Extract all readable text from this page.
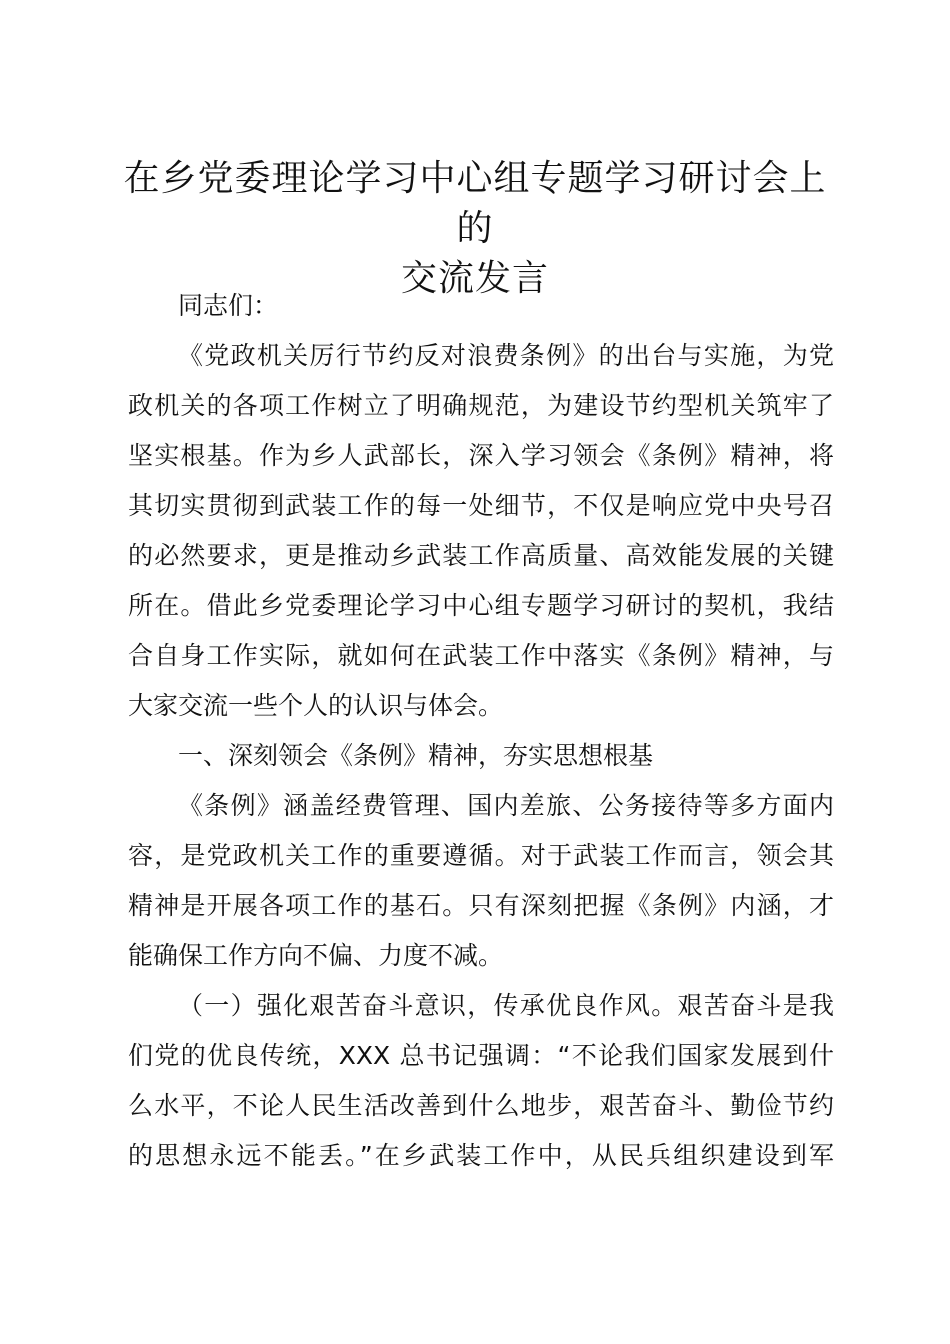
在乡党委理论学习中心组专题学习研讨会上的
交流发言
同志们：
《党政机关厉行节约反对浪费条例》的出台与实施，为党
政机关的各项工作树立了明确规范，为建设节约型机关筑牢了
坚实根基。作为乡人武部长，深入学习领会《条例》精神，将
其切实贯彻到武装工作的每一处细节，不仅是响应党中央号召
的必然要求，更是推动乡武装工作高质量、高效能发展的关键
所在。借此乡党委理论学习中心组专题学习研讨的契机，我结
合自身工作实际，就如何在武装工作中落实《条例》精神，与
大家交流一些个人的认识与体会。
一、深刻领会《条例》精神，夯实思想根基
《条例》涵盖经费管理、国内差旅、公务接待等多方面内
容，是党政机关工作的重要遵循。对于武装工作而言，领会其
精神是开展各项工作的基石。只有深刻把握《条例》内涵，才
能确保工作方向不偏、力度不减。
（一）强化艰苦奋斗意识，传承优良作风。艰苦奋斗是我
们党的优良传统，XXX 总书记强调：“不论我们国家发展到什
么水平，不论人民生活改善到什么地步，艰苦奋斗、勤俭节约
的思想永远不能丢。”在乡武装工作中，从民兵组织建设到军
